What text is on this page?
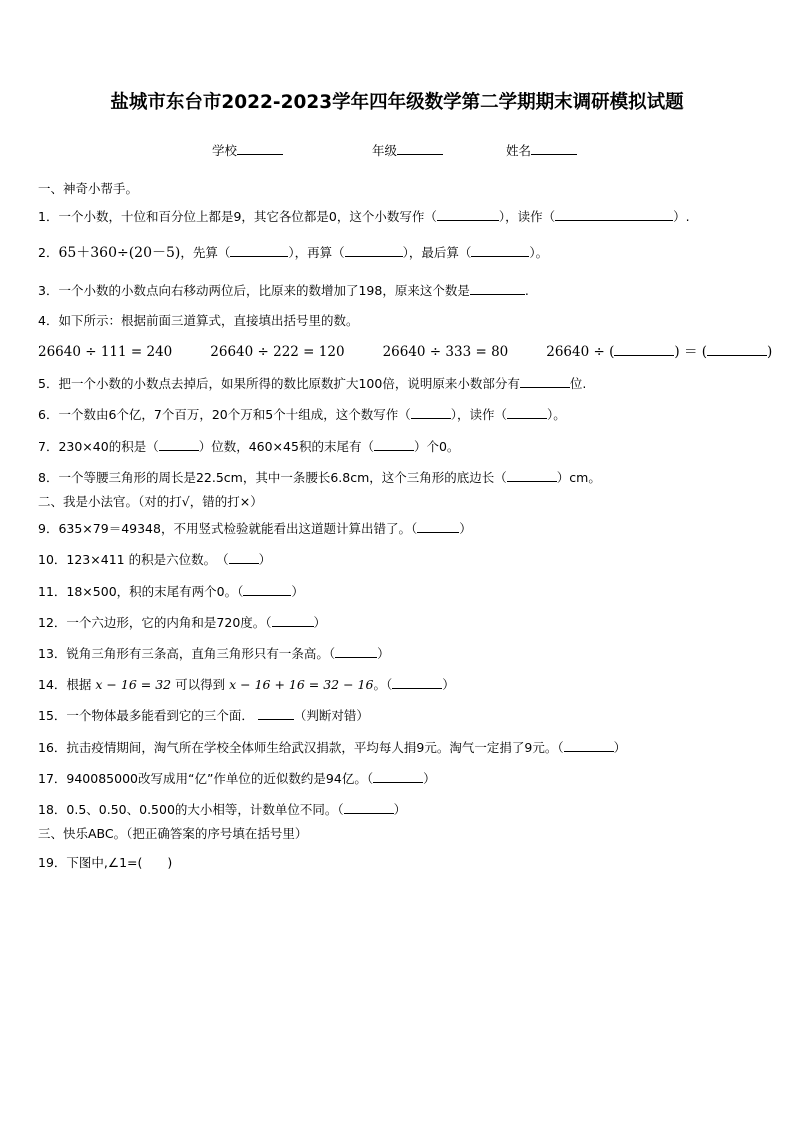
盐城市东台市2022-2023学年四年级数学第二学期期末调研模拟试题
学校	年级	姓名
一、神奇小帮手。
1．一个小数，十位和百分位上都是9，其它各位都是0，这个小数写作（	），读作（	）.
2．65＋360÷(20－5)，先算（	），再算（	），最后算（	）。
3．一个小数的小数点向右移动两位后，比原来的数增加了198，原来这个数是	.
4．如下所示：根据前面三道算式，直接填出括号里的数。
26640 ÷ 111 = 240	26640 ÷ 222 = 120	26640 ÷ 333 = 80	26640 ÷ (	) ＝ (	)
5．把一个小数的小数点去掉后，如果所得的数比原数扩大100倍，说明原来小数部分有	位.
6．一个数由6个亿，7个百万，20个万和5个十组成，这个数写作（	），读作（	）。
7．230×40的积是（	）位数，460×45积的末尾有（	）个0。
8．一个等腰三角形的周长是22.5cm，其中一条腰长6.8cm，这个三角形的底边长（	）cm。
二、我是小法官。（对的打√，错的打×）
9．635×79＝49348，不用竖式检验就能看出这道题计算出错了。（	）
10．123×411 的积是六位数。　（ ）
11．18×500，积的末尾有两个0。（	）
12．一个六边形，它的内角和是720度。（	）
13．锐角三角形有三条高，直角三角形只有一条高。（	）
14．根据 x − 16 = 32 可以得到 x − 16 + 16 = 32 − 16。（	）
15．一个物体最多能看到它的三个面．	（判断对错）
16．抗击疫情期间，淘气所在学校全体师生给武汉捐款，平均每人捐9元。淘气一定捐了9元。（	）
17．940085000改写成用“亿”作单位的近似数约是94亿。（	）
18．0.5、0.50、0.500的大小相等，计数单位不同。（	）
三、快乐ABC。（把正确答案的序号填在括号里）
19．下图中,∠1=(　　)
